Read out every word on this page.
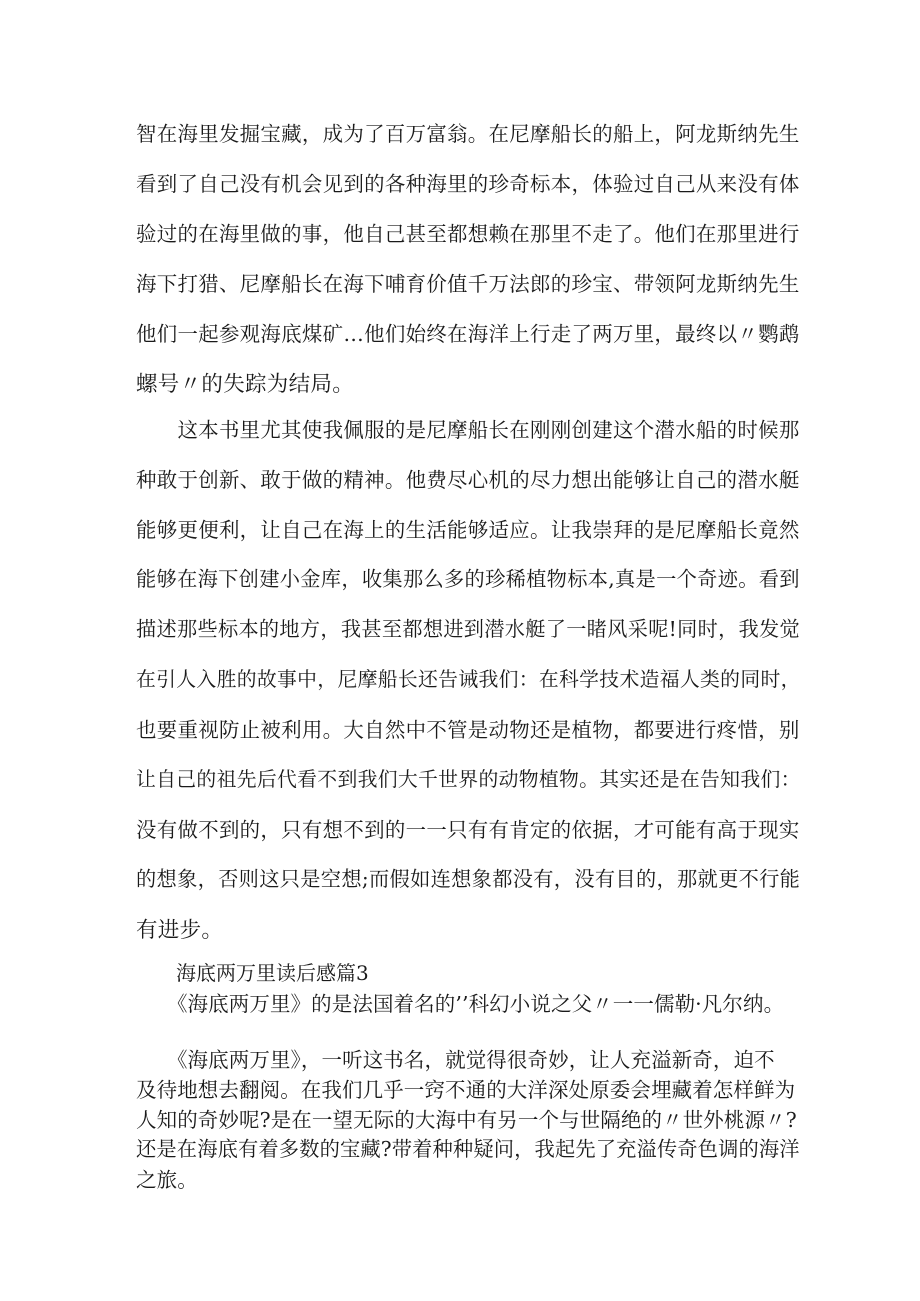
智在海里发掘宝藏，成为了百万富翁。在尼摩船长的船上，阿龙斯纳先生
看到了自己没有机会见到的各种海里的珍奇标本，体验过自己从来没有体
验过的在海里做的事，他自己甚至都想赖在那里不走了。他们在那里进行
海下打猎、尼摩船长在海下哺育价值千万法郎的珍宝、带领阿龙斯纳先生
他们一起参观海底煤矿…他们始终在海洋上行走了两万里，最终以〃鹦鹉
螺号〃的失踪为结局。
　　这本书里尤其使我佩服的是尼摩船长在刚刚创建这个潜水船的时候那
种敢于创新、敢于做的精神。他费尽心机的尽力想出能够让自己的潜水艇
能够更便利，让自己在海上的生活能够适应。让我崇拜的是尼摩船长竟然
能够在海下创建小金库，收集那么多的珍稀植物标本,真是一个奇迹。看到
描述那些标本的地方，我甚至都想进到潜水艇了一睹风采呢!同时，我发觉
在引人入胜的故事中，尼摩船长还告诫我们：在科学技术造福人类的同时，
也要重视防止被利用。大自然中不管是动物还是植物，都要进行疼惜，别
让自己的祖先后代看不到我们大千世界的动物植物。其实还是在告知我们：
没有做不到的，只有想不到的一一只有有肯定的依据，才可能有高于现实
的想象，否则这只是空想;而假如连想象都没有，没有目的，那就更不行能
有进步。
海底两万里读后感篇3
　　《海底两万里》的是法国着名的’’科幻小说之父〃一一儒勒·凡尔纳。
　　《海底两万里》，一听这书名，就觉得很奇妙，让人充溢新奇，迫不
及待地想去翻阅。在我们几乎一窍不通的大洋深处原委会埋藏着怎样鲜为
人知的奇妙呢?是在一望无际的大海中有另一个与世隔绝的〃世外桃源〃?
还是在海底有着多数的宝藏?带着种种疑问，我起先了充溢传奇色调的海洋
之旅。
